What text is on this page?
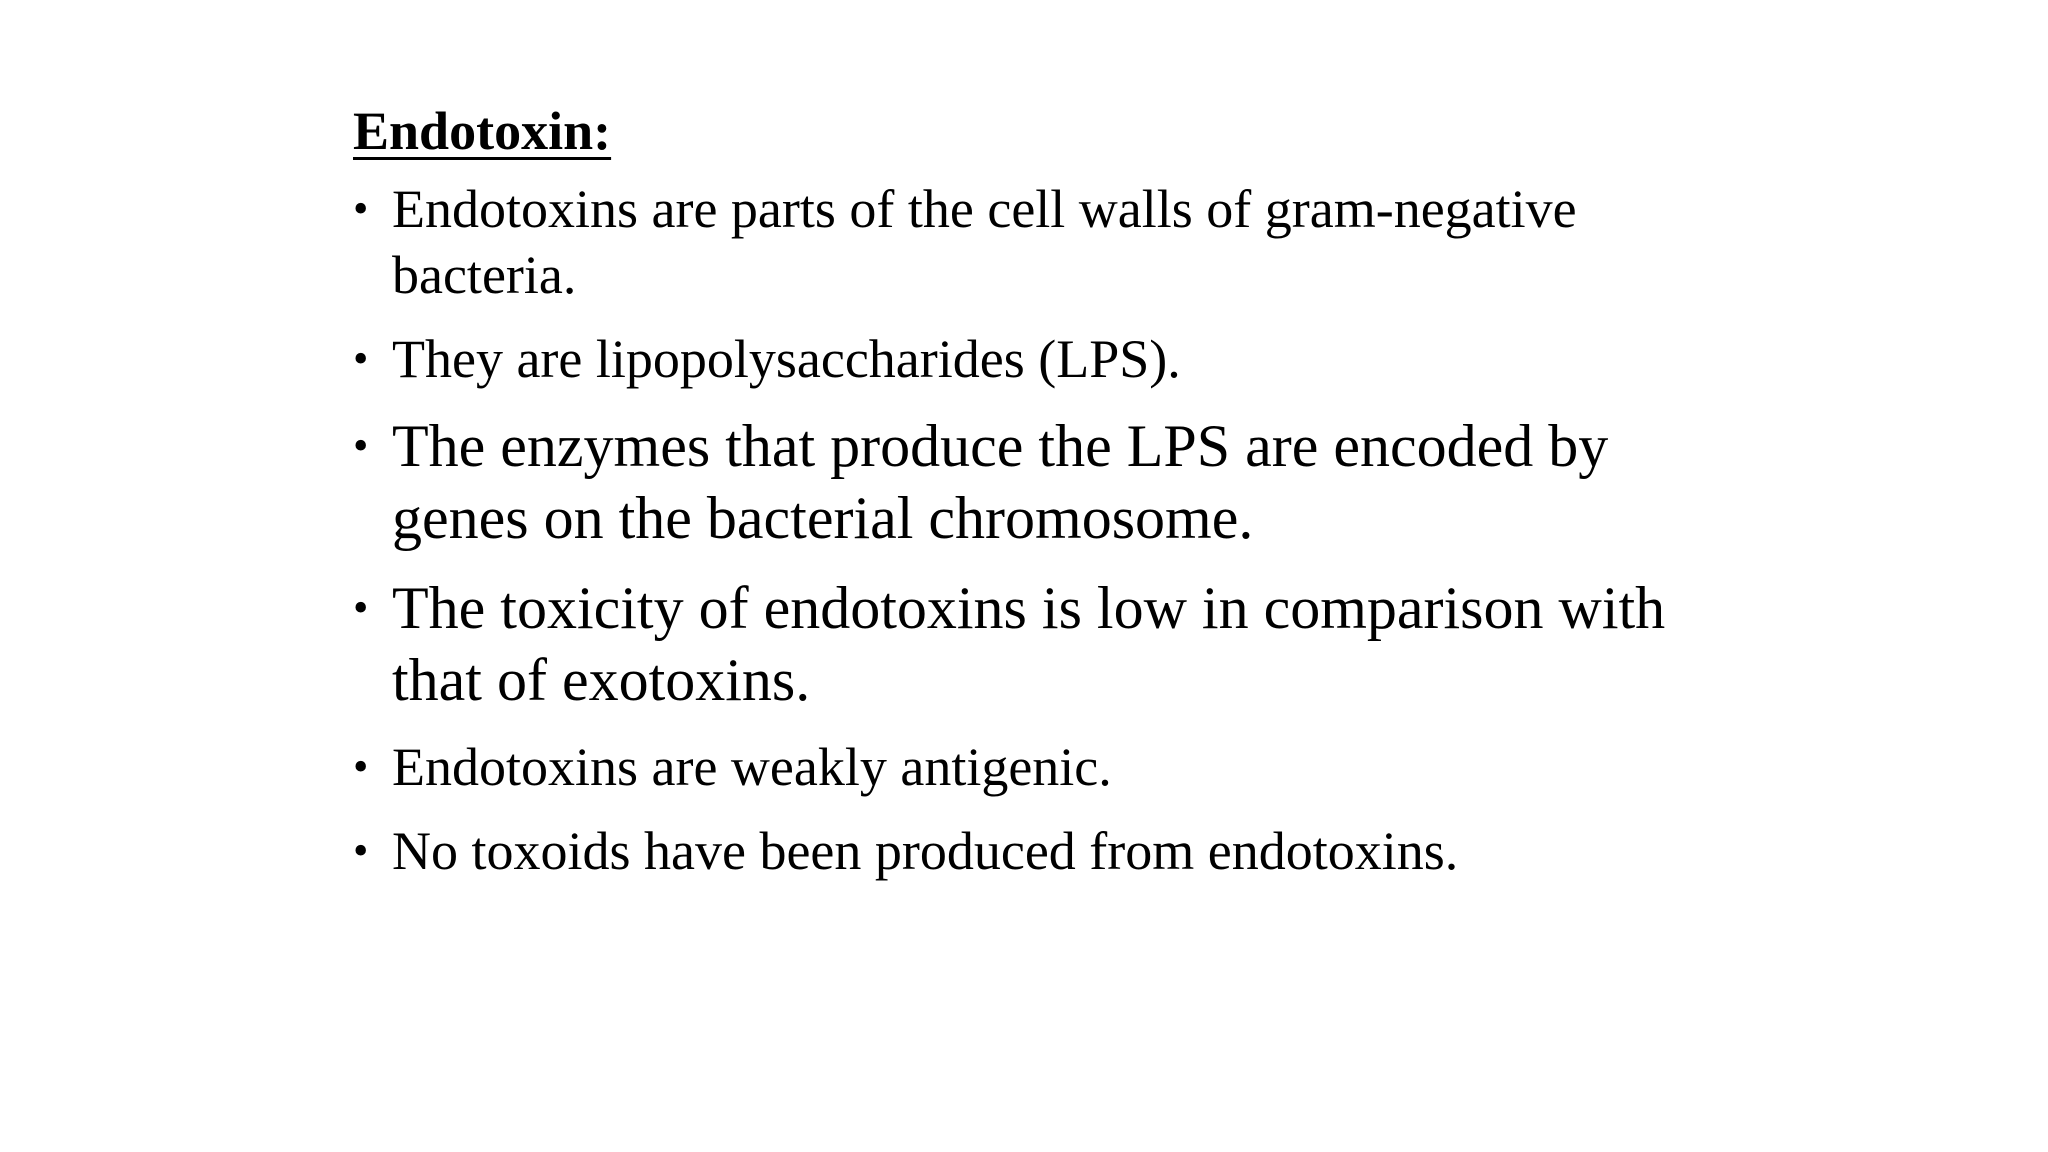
Endotoxin:
• Endotoxins are parts of the cell walls of gram-negative bacteria.
• They are lipopolysaccharides (LPS).
• The enzymes that produce the LPS are encoded by genes on the bacterial chromosome.
• The toxicity of endotoxins is low in comparison with that of exotoxins.
• Endotoxins are weakly antigenic.
• No toxoids have been produced from endotoxins.
